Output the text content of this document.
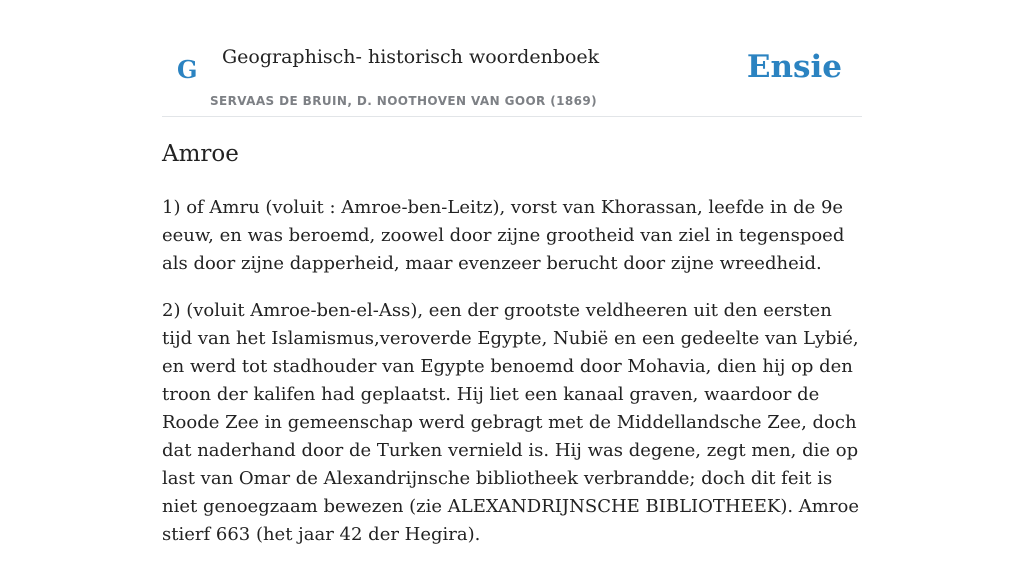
G Geographisch- historisch woordenboek
SERVAAS DE BRUIN, D. NOOTHOVEN VAN GOOR (1869)
Ensie
Amroe

1) of Amru (voluit : Amroe-ben-Leitz), vorst van Khorassan, leefde in de 9e eeuw, en was beroemd, zoowel door zijne grootheid van ziel in tegenspoed als door zijne dapperheid, maar evenzeer berucht door zijne wreedheid.

2) (voluit Amroe-ben-el-Ass), een der grootste veldheeren uit den eersten tijd van het Islamismus,veroverde Egypte, Nubië en een gedeelte van Lybié, en werd tot stadhouder van Egypte benoemd door Mohavia, dien hij op den troon der kalifen had geplaatst. Hij liet een kanaal graven, waardoor de Roode Zee in gemeenschap werd gebragt met de Middellandsche Zee, doch dat naderhand door de Turken vernield is. Hij was degene, zegt men, die op last van Omar de Alexandrijnsche bibliotheek verbrandde; doch dit feit is niet genoegzaam bewezen (zie ALEXANDRIJNSCHE BIBLIOTHEEK). Amroe stierf 663 (het jaar 42 der Hegira).
